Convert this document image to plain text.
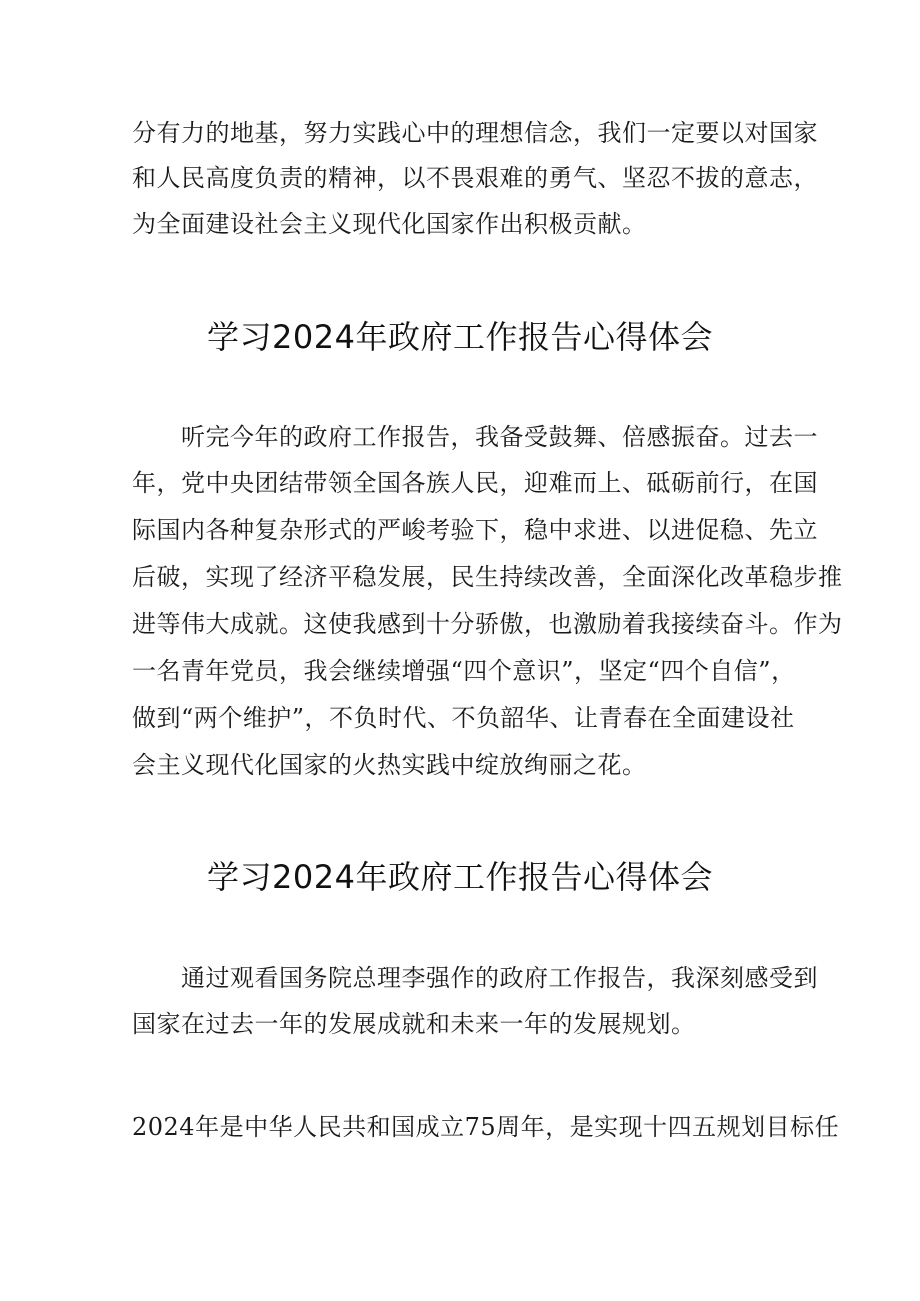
分有力的地基，努力实践心中的理想信念，我们一定要以对国家
和人民高度负责的精神，以不畏艰难的勇气、坚忍不拔的意志，
为全面建设社会主义现代化国家作出积极贡献。
学习2024年政府工作报告心得体会
听完今年的政府工作报告，我备受鼓舞、倍感振奋。过去一
年，党中央团结带领全国各族人民，迎难而上、砥砺前行，在国
际国内各种复杂形式的严峻考验下，稳中求进、以进促稳、先立
后破，实现了经济平稳发展，民生持续改善，全面深化改革稳步推
进等伟大成就。这使我感到十分骄傲，也激励着我接续奋斗。作为
一名青年党员，我会继续增强“四个意识”，坚定“四个自信”，
做到“两个维护”，不负时代、不负韶华、让青春在全面建设社
会主义现代化国家的火热实践中绽放绚丽之花。
学习2024年政府工作报告心得体会
通过观看国务院总理李强作的政府工作报告，我深刻感受到
国家在过去一年的发展成就和未来一年的发展规划。
2024年是中华人民共和国成立75周年，是实现十四五规划目标任
